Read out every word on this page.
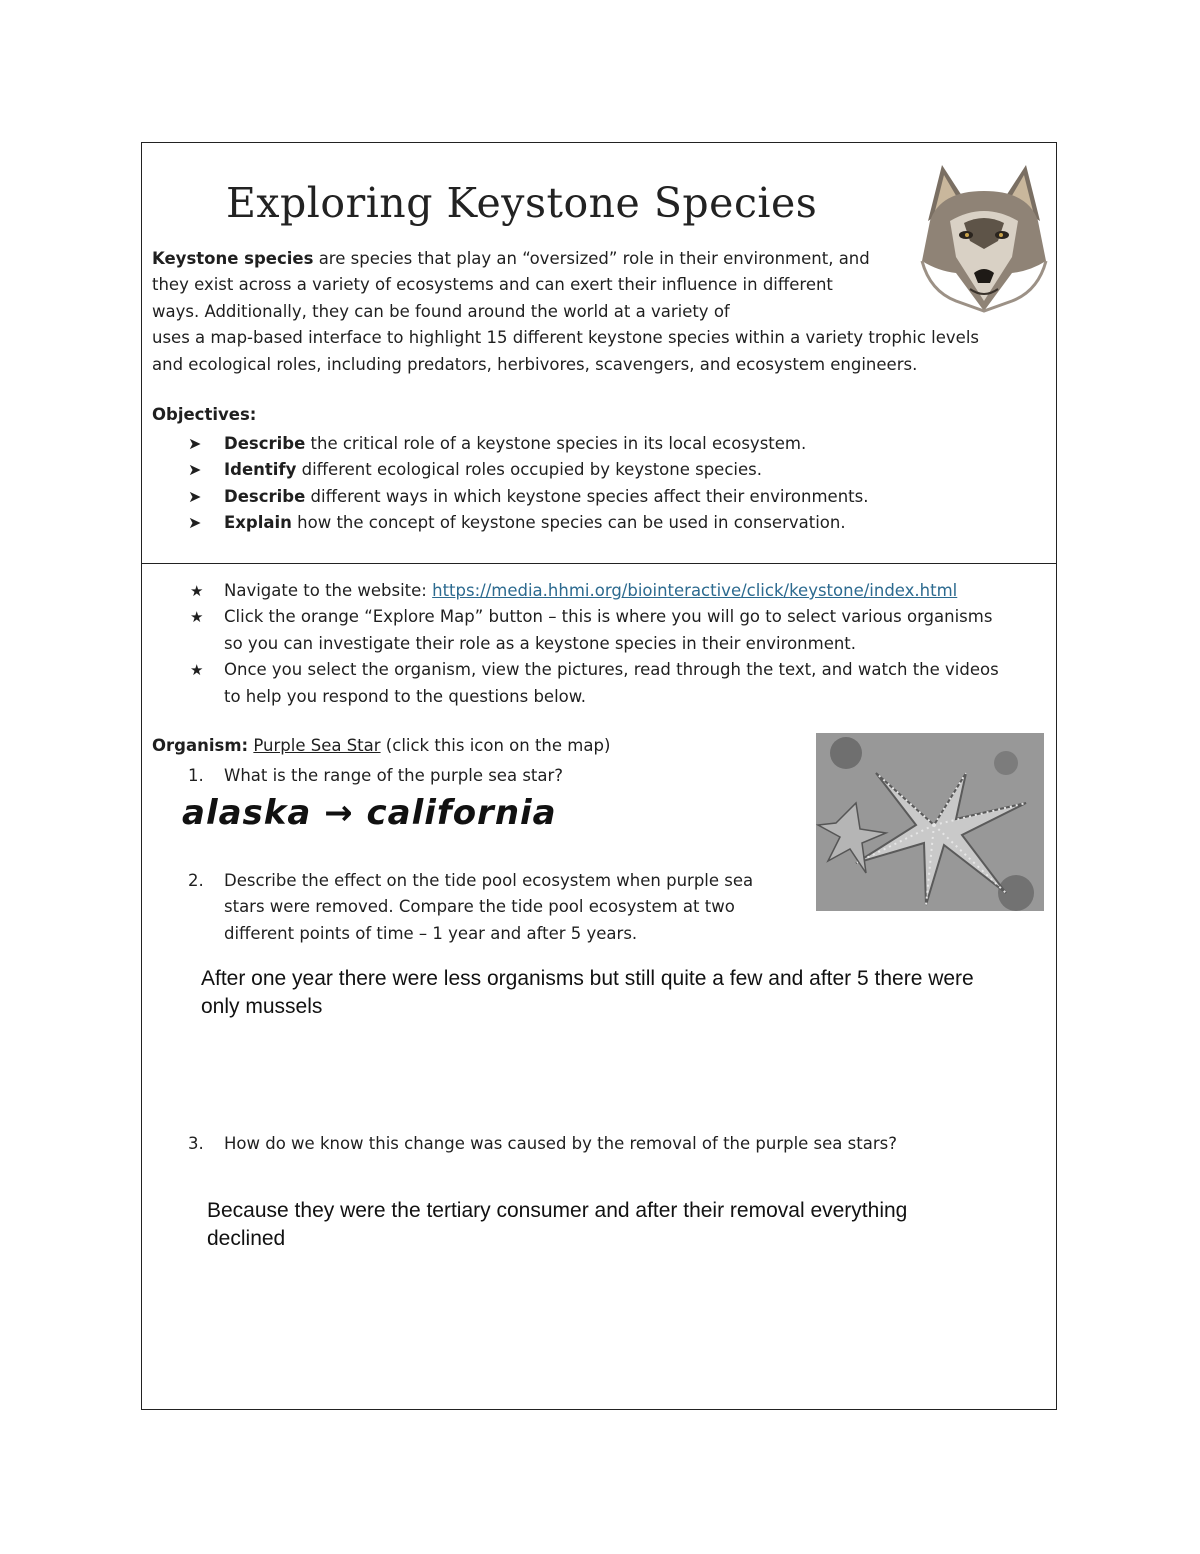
Exploring Keystone Species
Keystone species are species that play an “oversized” role in their environment, and
they exist across a variety of ecosystems and can exert their influence in different
ways. Additionally, they can be found around the world at a variety of
uses a map-based interface to highlight 15 different keystone species within a variety trophic levels
and ecological roles, including predators, herbivores, scavengers, and ecosystem engineers.
Objectives:
➤ Describe the critical role of a keystone species in its local ecosystem.
➤ Identify different ecological roles occupied by keystone species.
➤ Describe different ways in which keystone species affect their environments.
➤ Explain how the concept of keystone species can be used in conservation.
★ Navigate to the website: https://media.hhmi.org/biointeractive/click/keystone/index.html
★ Click the orange “Explore Map” button – this is where you will go to select various organisms
so you can investigate their role as a keystone species in their environment.
★ Once you select the organism, view the pictures, read through the text, and watch the videos
to help you respond to the questions below.
Organism: Purple Sea Star (click this icon on the map)
1. What is the range of the purple sea star?
alaska → california
2. Describe the effect on the tide pool ecosystem when purple sea
stars were removed. Compare the tide pool ecosystem at two
different points of time – 1 year and after 5 years.
After one year there were less organisms but still quite a few and after 5 there were only mussels
3. How do we know this change was caused by the removal of the purple sea stars?
Because they were the tertiary consumer and after their removal everything declined
